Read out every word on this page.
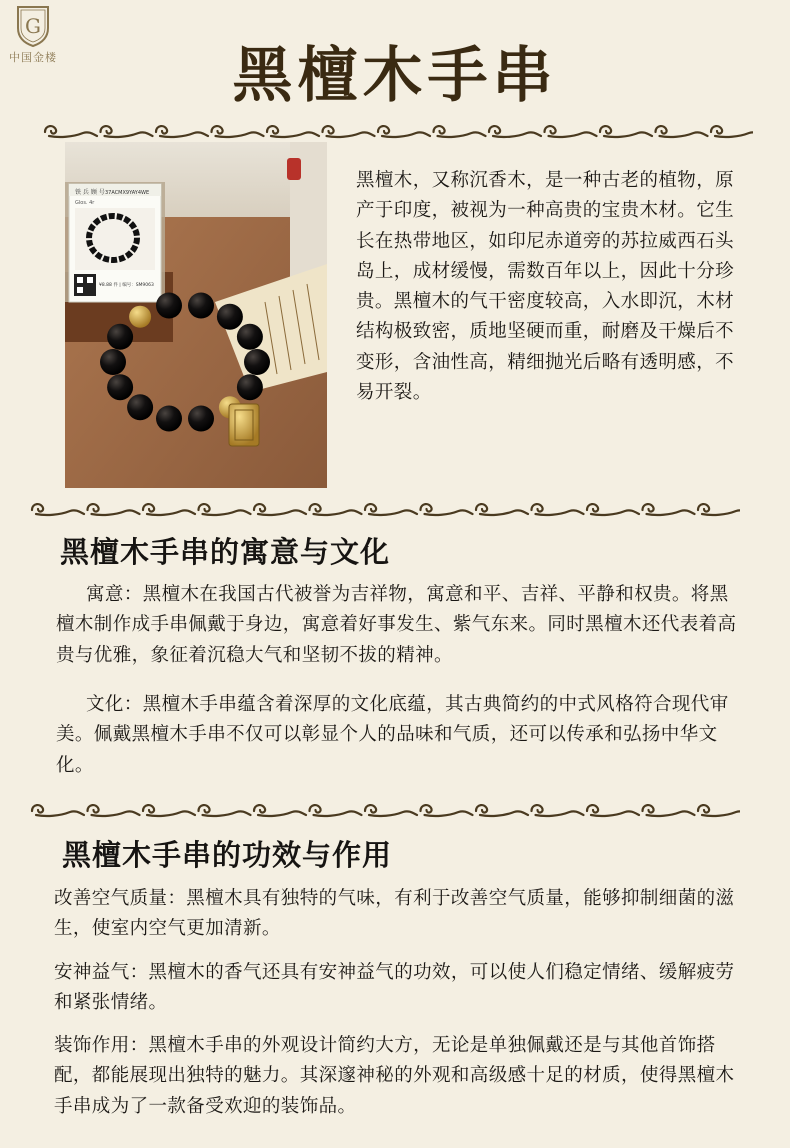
G
中国金楼	黑檀木手串
铁 兵 顾 号 37ACMX9YAY4WE
Glos. 4r
¥8.88 件 | 编号：SM9063
黑檀木，又称沉香木，是一种古老的植物，原产于印度，被视为一种高贵的宝贵木材。它生长在热带地区，如印尼赤道旁的苏拉威西石头岛上，成材缓慢，需数百年以上，因此十分珍贵。黑檀木的气干密度较高，入水即沉，木材结构极致密，质地坚硬而重，耐磨及干燥后不变形，含油性高，精细抛光后略有透明感，不易开裂。
黑檀木手串的寓意与文化
寓意：黑檀木在我国古代被誉为吉祥物，寓意和平、吉祥、平静和权贵。将黑檀木制作成手串佩戴于身边，寓意着好事发生、紫气东来。同时黑檀木还代表着高贵与优雅，象征着沉稳大气和坚韧不拔的精神。
文化：黑檀木手串蕴含着深厚的文化底蕴，其古典简约的中式风格符合现代审美。佩戴黑檀木手串不仅可以彰显个人的品味和气质，还可以传承和弘扬中华文化。
黑檀木手串的功效与作用
改善空气质量：黑檀木具有独特的气味，有利于改善空气质量，能够抑制细菌的滋生，使室内空气更加清新。
安神益气：黑檀木的香气还具有安神益气的功效，可以使人们稳定情绪、缓解疲劳和紧张情绪。
装饰作用：黑檀木手串的外观设计简约大方，无论是单独佩戴还是与其他首饰搭配，都能展现出独特的魅力。其深邃神秘的外观和高级感十足的材质，使得黑檀木手串成为了一款备受欢迎的装饰品。
